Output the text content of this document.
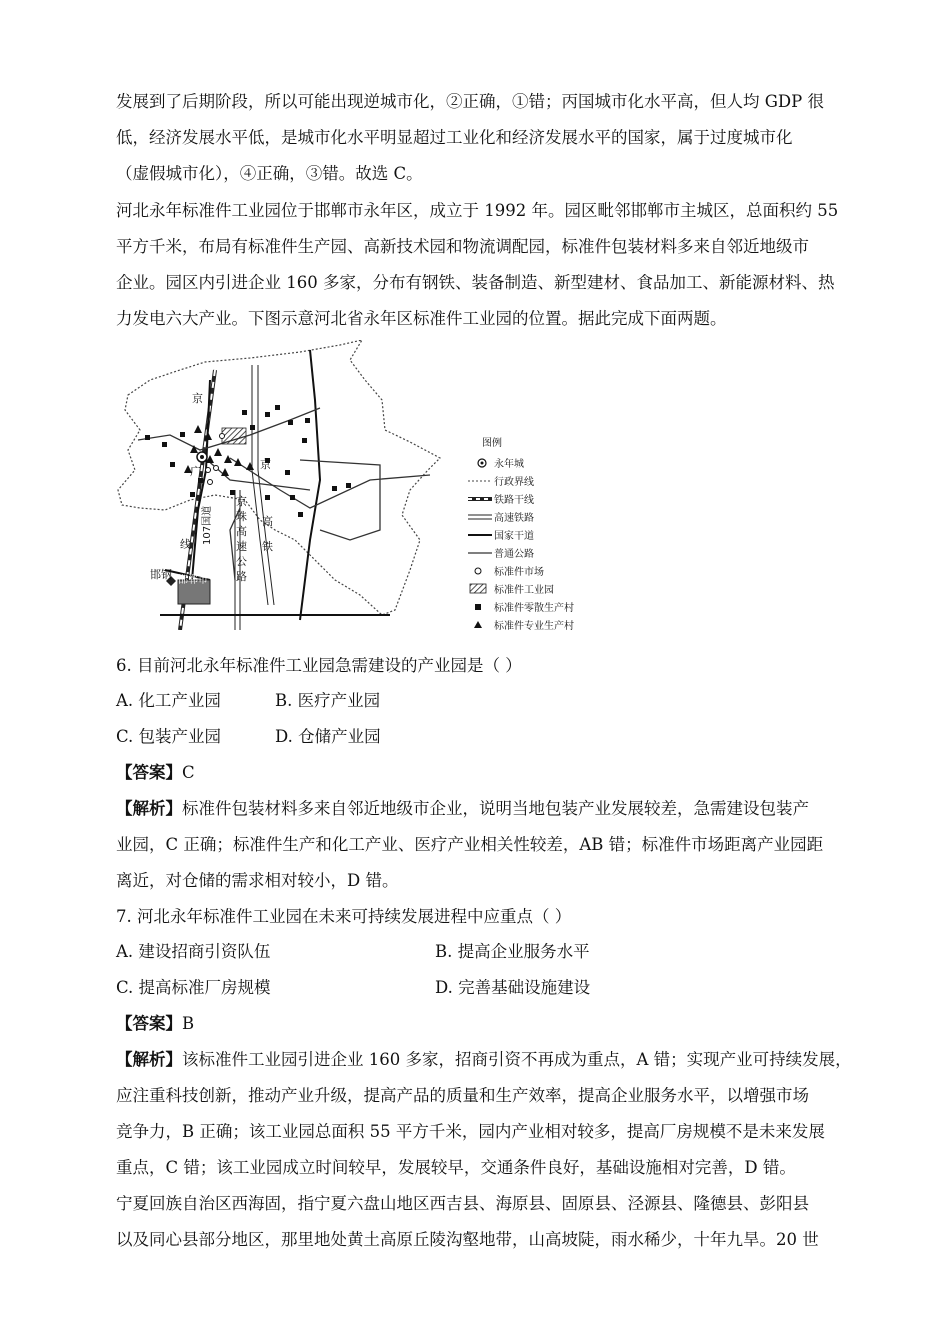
发展到了后期阶段，所以可能出现逆城市化，②正确，①错；丙国城市化水平高，但人均 GDP 很
低，经济发展水平低，是城市化水平明显超过工业化和经济发展水平的国家，属于过度城市化
（虚假城市化），④正确，③错。故选 C。
河北永年标准件工业园位于邯郸市永年区，成立于 1992 年。园区毗邻邯郸市主城区，总面积约 55
平方千米，布局有标准件生产园、高新技术园和物流调配园，标准件包装材料多来自邻近地级市
企业。园区内引进企业 160 多家，分布有钢铁、装备制造、新型建材、食品加工、新能源材料、热
力发电六大产业。下图示意河北省永年区标准件工业园的位置。据此完成下面两题。
京
广
线
京
京
珠
高
速
公
路
高
铁
邯钢 邯郸市
107国道
图例
永年城
行政界线
铁路干线
高速铁路
国家干道
普通公路
标准件市场
标准件工业园
标准件零散生产村
标准件专业生产村
6. 目前河北永年标准件工业园急需建设的产业园是（ ）
A. 化工产业园	B. 医疗产业园
C. 包装产业园	D. 仓储产业园
【答案】C
【解析】标准件包装材料多来自邻近地级市企业，说明当地包装产业发展较差，急需建设包装产
业园，C 正确；标准件生产和化工产业、医疗产业相关性较差，AB 错；标准件市场距离产业园距
离近，对仓储的需求相对较小，D 错。
7. 河北永年标准件工业园在未来可持续发展进程中应重点（ ）
A. 建设招商引资队伍	B. 提高企业服务水平
C. 提高标准厂房规模	D. 完善基础设施建设
【答案】B
【解析】该标准件工业园引进企业 160 多家，招商引资不再成为重点，A 错；实现产业可持续发展，
应注重科技创新，推动产业升级，提高产品的质量和生产效率，提高企业服务水平，以增强市场
竞争力，B 正确；该工业园总面积 55 平方千米，园内产业相对较多，提高厂房规模不是未来发展
重点，C 错；该工业园成立时间较早，发展较早，交通条件良好，基础设施相对完善，D 错。
宁夏回族自治区西海固，指宁夏六盘山地区西吉县、海原县、固原县、泾源县、隆德县、彭阳县
以及同心县部分地区，那里地处黄土高原丘陵沟壑地带，山高坡陡，雨水稀少，十年九旱。20 世
